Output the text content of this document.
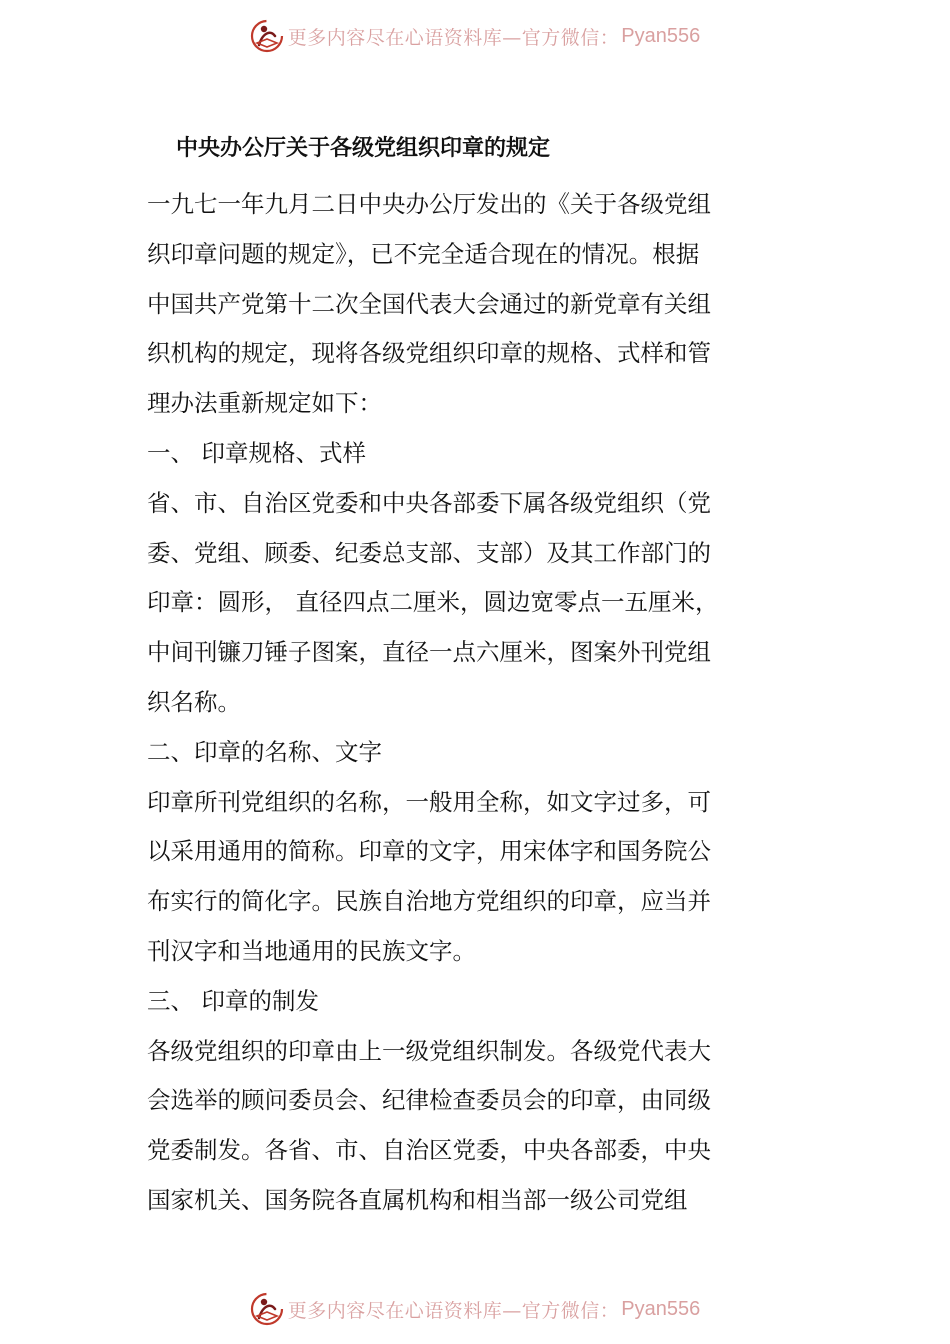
更多内容尽在心语资料库—官方微信： Pyan556
中央办公厅关于各级党组织印章的规定
一九七一年九月二日中央办公厅发出的《关于各级党组
织印章问题的规定》，已不完全适合现在的情况。根据
中国共产党第十二次全国代表大会通过的新党章有关组
织机构的规定，现将各级党组织印章的规格、式样和管
理办法重新规定如下：
一、 印章规格、式样
省、市、自治区党委和中央各部委下属各级党组织（党
委、党组、顾委、纪委总支部、支部）及其工作部门的
印章：圆形， 直径四点二厘米，圆边宽零点一五厘米，
中间刊镰刀锤子图案，直径一点六厘米，图案外刊党组
织名称。
二、印章的名称、文字
印章所刊党组织的名称，一般用全称，如文字过多，可
以采用通用的简称。印章的文字，用宋体字和国务院公
布实行的简化字。民族自治地方党组织的印章，应当并
刊汉字和当地通用的民族文字。
三、 印章的制发
各级党组织的印章由上一级党组织制发。各级党代表大
会选举的顾问委员会、纪律检查委员会的印章，由同级
党委制发。各省、市、自治区党委，中央各部委，中央
国家机关、国务院各直属机构和相当部一级公司党组
更多内容尽在心语资料库—官方微信： Pyan556
